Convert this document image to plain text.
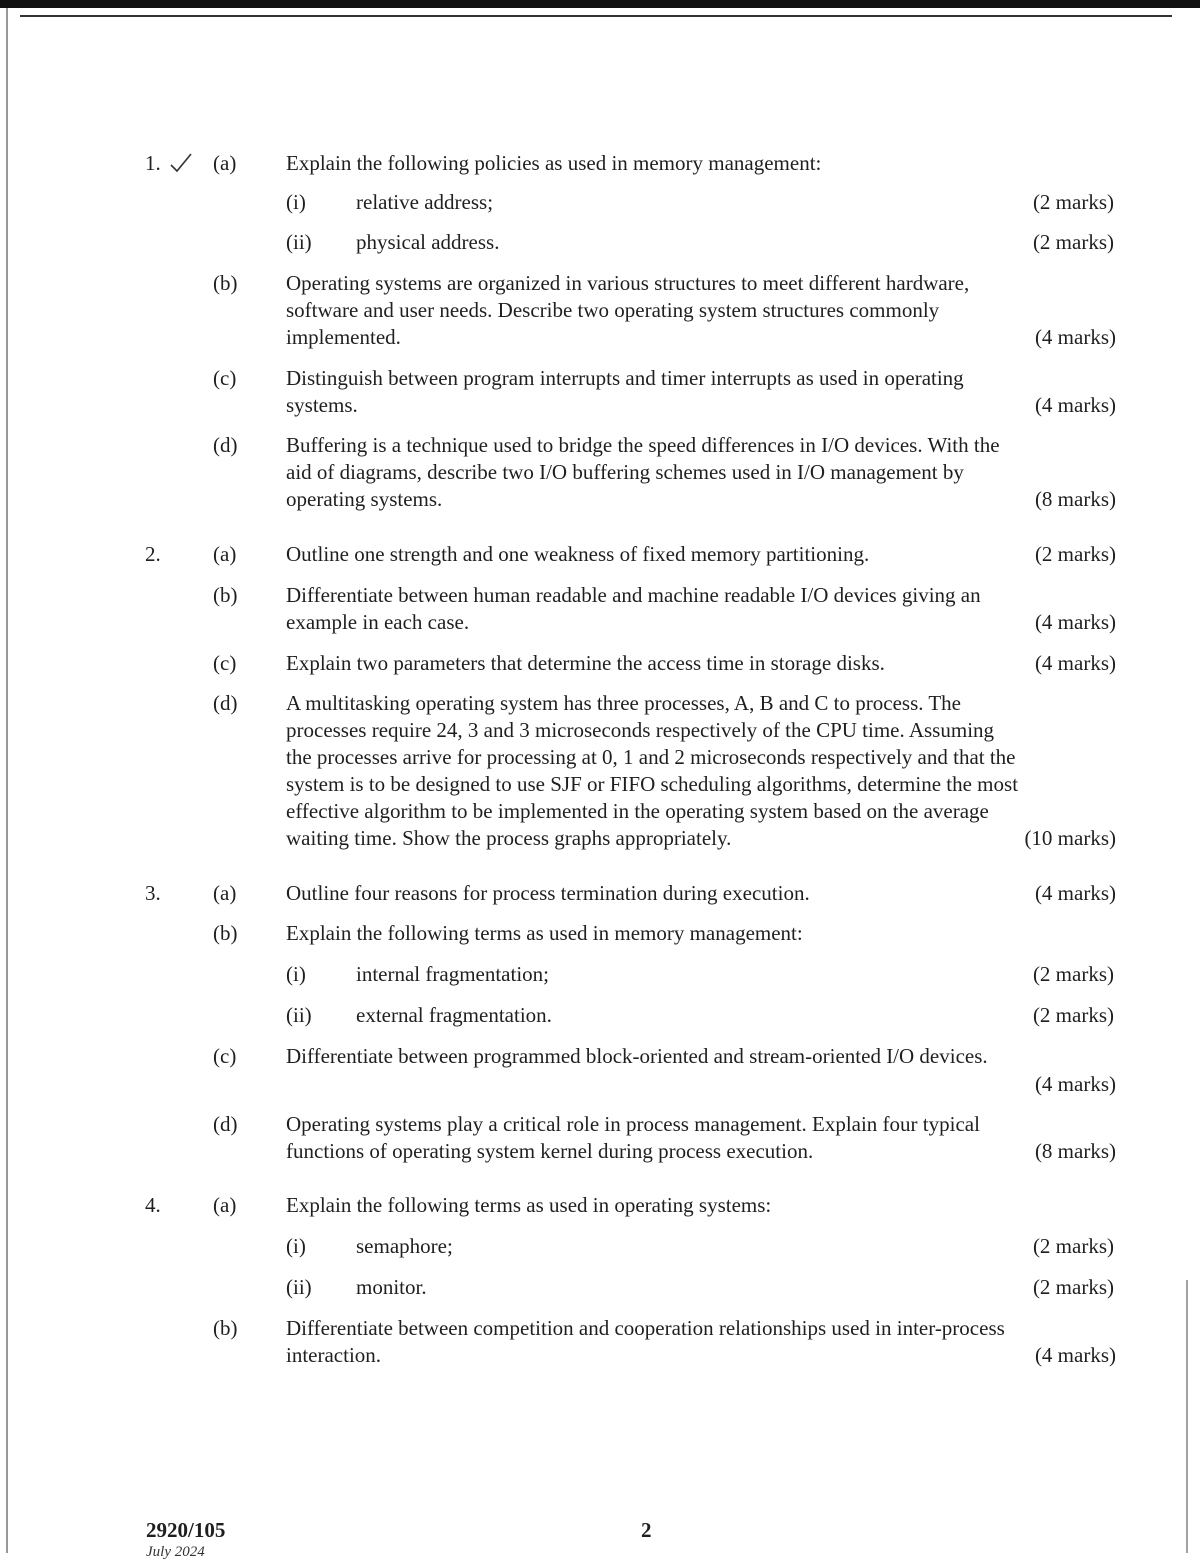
1. (a) Explain the following policies as used in memory management:
(i) relative address;	(2 marks)
(ii) physical address.	(2 marks)
(b) Operating systems are organized in various structures to meet different hardware,
software and user needs. Describe two operating system structures commonly
implemented.	(4 marks)
(c) Distinguish between program interrupts and timer interrupts as used in operating
systems.	(4 marks)
(d) Buffering is a technique used to bridge the speed differences in I/O devices. With the
aid of diagrams, describe two I/O buffering schemes used in I/O management by
operating systems.	(8 marks)
2. (a) Outline one strength and one weakness of fixed memory partitioning.	(2 marks)
(b) Differentiate between human readable and machine readable I/O devices giving an
example in each case.	(4 marks)
(c) Explain two parameters that determine the access time in storage disks.	(4 marks)
(d) A multitasking operating system has three processes, A, B and C to process. The
processes require 24, 3 and 3 microseconds respectively of the CPU time. Assuming
the processes arrive for processing at 0, 1 and 2 microseconds respectively and that the
system is to be designed to use SJF or FIFO scheduling algorithms, determine the most
effective algorithm to be implemented in the operating system based on the average
waiting time. Show the process graphs appropriately.	(10 marks)
3. (a) Outline four reasons for process termination during execution.	(4 marks)
(b) Explain the following terms as used in memory management:
(i) internal fragmentation;	(2 marks)
(ii) external fragmentation.	(2 marks)
(c) Differentiate between programmed block-oriented and stream-oriented I/O devices.
(4 marks)
(d) Operating systems play a critical role in process management. Explain four typical
functions of operating system kernel during process execution.	(8 marks)
4. (a) Explain the following terms as used in operating systems:
(i) semaphore;	(2 marks)
(ii) monitor.	(2 marks)
(b) Differentiate between competition and cooperation relationships used in inter-process
interaction.	(4 marks)
2920/105	2
July 2024
